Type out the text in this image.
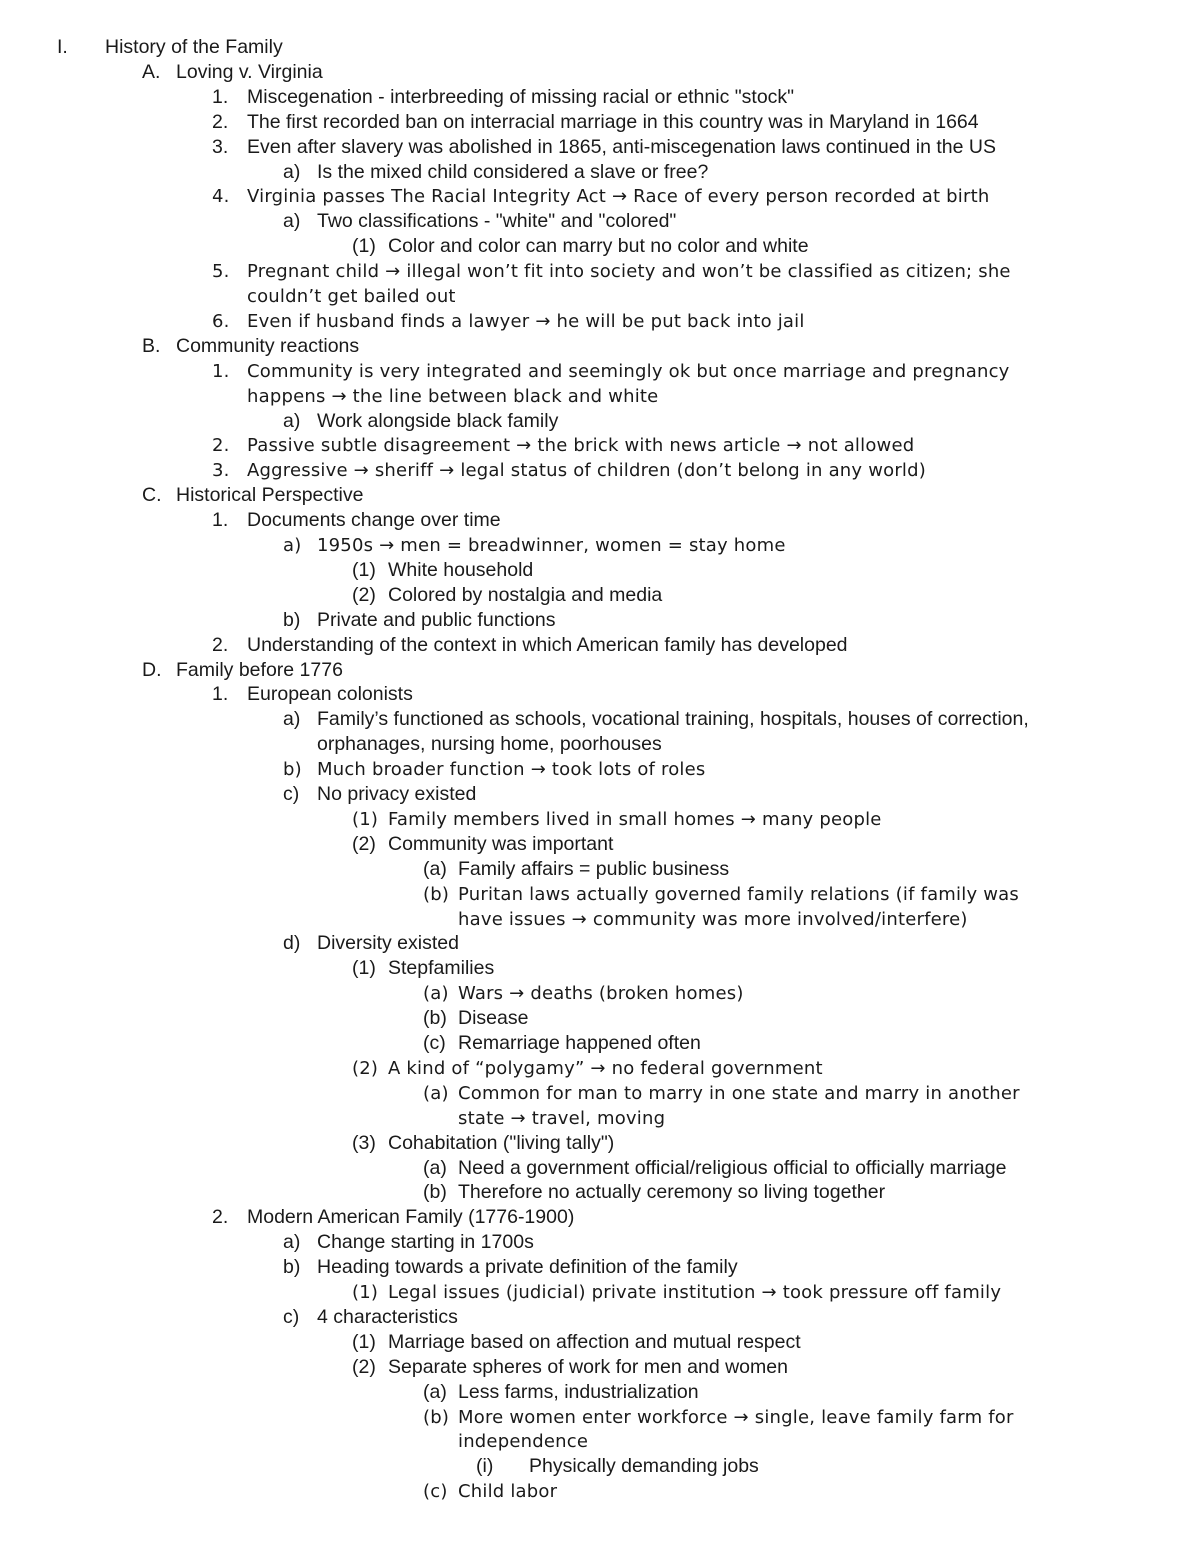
I. History of the Family
A. Loving v. Virginia
1. Miscegenation - interbreeding of missing racial or ethnic "stock"
2. The first recorded ban on interracial marriage in this country was in Maryland in 1664
3. Even after slavery was abolished in 1865, anti-miscegenation laws continued in the US
a) Is the mixed child considered a slave or free?
4. Virginia passes The Racial Integrity Act → Race of every person recorded at birth
a) Two classifications - "white" and "colored"
(1) Color and color can marry but no color and white
5. Pregnant child → illegal won’t fit into society and won’t be classified as citizen; she
couldn’t get bailed out
6. Even if husband finds a lawyer → he will be put back into jail
B. Community reactions
1. Community is very integrated and seemingly ok but once marriage and pregnancy
happens → the line between black and white
a) Work alongside black family
2. Passive subtle disagreement → the brick with news article → not allowed
3. Aggressive → sheriff → legal status of children (don’t belong in any world)
C. Historical Perspective
1. Documents change over time
a) 1950s → men = breadwinner, women = stay home
(1) White household
(2) Colored by nostalgia and media
b) Private and public functions
2. Understanding of the context in which American family has developed
D. Family before 1776
1. European colonists
a) Family’s functioned as schools, vocational training, hospitals, houses of correction,
orphanages, nursing home, poorhouses
b) Much broader function → took lots of roles
c) No privacy existed
(1) Family members lived in small homes → many people
(2) Community was important
(a) Family affairs = public business
(b) Puritan laws actually governed family relations (if family was
have issues → community was more involved/interfere)
d) Diversity existed
(1) Stepfamilies
(a) Wars → deaths (broken homes)
(b) Disease
(c) Remarriage happened often
(2) A kind of “polygamy” → no federal government
(a) Common for man to marry in one state and marry in another
state → travel, moving
(3) Cohabitation ("living tally")
(a) Need a government official/religious official to officially marriage
(b) Therefore no actually ceremony so living together
2. Modern American Family (1776-1900)
a) Change starting in 1700s
b) Heading towards a private definition of the family
(1) Legal issues (judicial) private institution → took pressure off family
c) 4 characteristics
(1) Marriage based on affection and mutual respect
(2) Separate spheres of work for men and women
(a) Less farms, industrialization
(b) More women enter workforce → single, leave family farm for
independence
(i) Physically demanding jobs
(c) Child labor
